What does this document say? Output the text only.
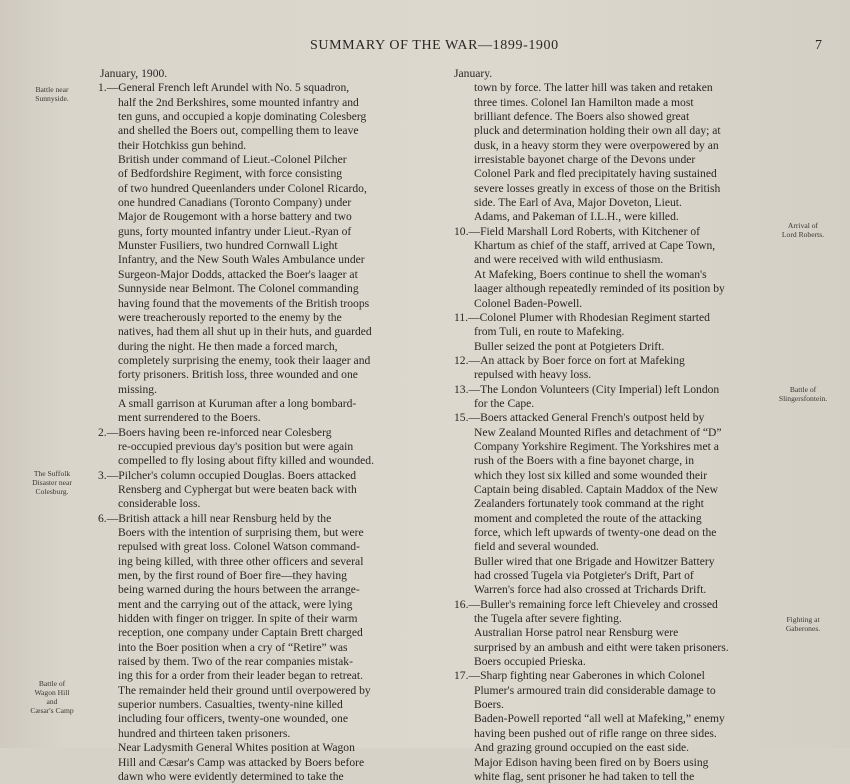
SUMMARY OF THE WAR—1899-1900	7

January, 1900.

1.—General French left Arundel with No. 5 squadron,
half the 2nd Berkshires, some mounted infantry and
ten guns, and occupied a kopje dominating Colesberg
and shelled the Boers out, compelling them to leave
their Hotchkiss gun behind.
British under command of Lieut.-Colonel Pilcher
of Bedfordshire Regiment, with force consisting
of two hundred Queenlanders under Colonel Ricardo,
one hundred Canadians (Toronto Company) under
Major de Rougemont with a horse battery and two
guns, forty mounted infantry under Lieut.-Ryan of
Munster Fusiliers, two hundred Cornwall Light
Infantry, and the New South Wales Ambulance under
Surgeon-Major Dodds, attacked the Boer's laager at
Sunnyside near Belmont. The Colonel commanding
having found that the movements of the British troops
were treacherously reported to the enemy by the
natives, had them all shut up in their huts, and guarded
during the night. He then made a forced march,
completely surprising the enemy, took their laager and
forty prisoners. British loss, three wounded and one
missing.
A small garrison at Kuruman after a long bombard-
ment surrendered to the Boers.
2.—Boers having been re-inforced near Colesberg
re-occupied previous day's position but were again
compelled to fly losing about fifty killed and wounded.
3.—Pilcher's column occupied Douglas. Boers attacked
Rensberg and Cyphergat but were beaten back with
considerable loss.
6.—British attack a hill near Rensburg held by the
Boers with the intention of surprising them, but were
repulsed with great loss. Colonel Watson command-
ing being killed, with three other officers and several
men, by the first round of Boer fire—they having
being warned during the hours between the arrange-
ment and the carrying out of the attack, were lying
hidden with finger on trigger. In spite of their warm
reception, one company under Captain Brett charged
into the Boer position when a cry of “Retire” was
raised by them. Two of the rear companies mistak-
ing this for a order from their leader began to retreat.
The remainder held their ground until overpowered by
superior numbers. Casualties, twenty-nine killed
including four officers, twenty-one wounded, one
hundred and thirteen taken prisoners.
Near Ladysmith General Whites position at Wagon
Hill and Cæsar's Camp was attacked by Boers before
dawn who were evidently determined to take the

January.

town by force. The latter hill was taken and retaken
three times. Colonel Ian Hamilton made a most
brilliant defence. The Boers also showed great
pluck and determination holding their own all day; at
dusk, in a heavy storm they were overpowered by an
irresistable bayonet charge of the Devons under
Colonel Park and fled precipitately having sustained
severe losses greatly in excess of those on the British
side. The Earl of Ava, Major Doveton, Lieut.
Adams, and Pakeman of I.L.H., were killed.
10.—Field Marshall Lord Roberts, with Kitchener of
Khartum as chief of the staff, arrived at Cape Town,
and were received with wild enthusiasm.
At Mafeking, Boers continue to shell the woman's
laager although repeatedly reminded of its position by
Colonel Baden-Powell.
11.—Colonel Plumer with Rhodesian Regiment started
from Tuli, en route to Mafeking.
Buller seized the pont at Potgieters Drift.
12.—An attack by Boer force on fort at Mafeking
repulsed with heavy loss.
13.—The London Volunteers (City Imperial) left London
for the Cape.
15.—Boers attacked General French's outpost held by
New Zealand Mounted Rifles and detachment of “D”
Company Yorkshire Regiment. The Yorkshires met a
rush of the Boers with a fine bayonet charge, in
which they lost six killed and some wounded their
Captain being disabled. Captain Maddox of the New
Zealanders fortunately took command at the right
moment and completed the route of the attacking
force, which left upwards of twenty-one dead on the
field and several wounded.
Buller wired that one Brigade and Howitzer Battery
had crossed Tugela via Potgieter's Drift, Part of
Warren's force had also crossed at Trichards Drift.
16.—Buller's remaining force left Chieveley and crossed
the Tugela after severe fighting.
Australian Horse patrol near Rensburg were
surprised by an ambush and eitht were taken prisoners.
Boers occupied Prieska.
17.—Sharp fighting near Gaberones in which Colonel
Plumer's armoured train did considerable damage to
Boers.
Baden-Powell reported “all well at Mafeking,” enemy
having been pushed out of rifle range on three sides.
And grazing ground occupied on the east side.
Major Edison having been fired on by Boers using
white flag, sent prisoner he had taken to tell the
Battle near
Sunnyside.
The Suffolk
Disaster near
Colesburg.
Battle of
Wagon Hill
and
Cæsar's Camp
Arrival of
Lord Roberts.
Battle of
Slingersfontein.
Fighting at
Gaberones.
